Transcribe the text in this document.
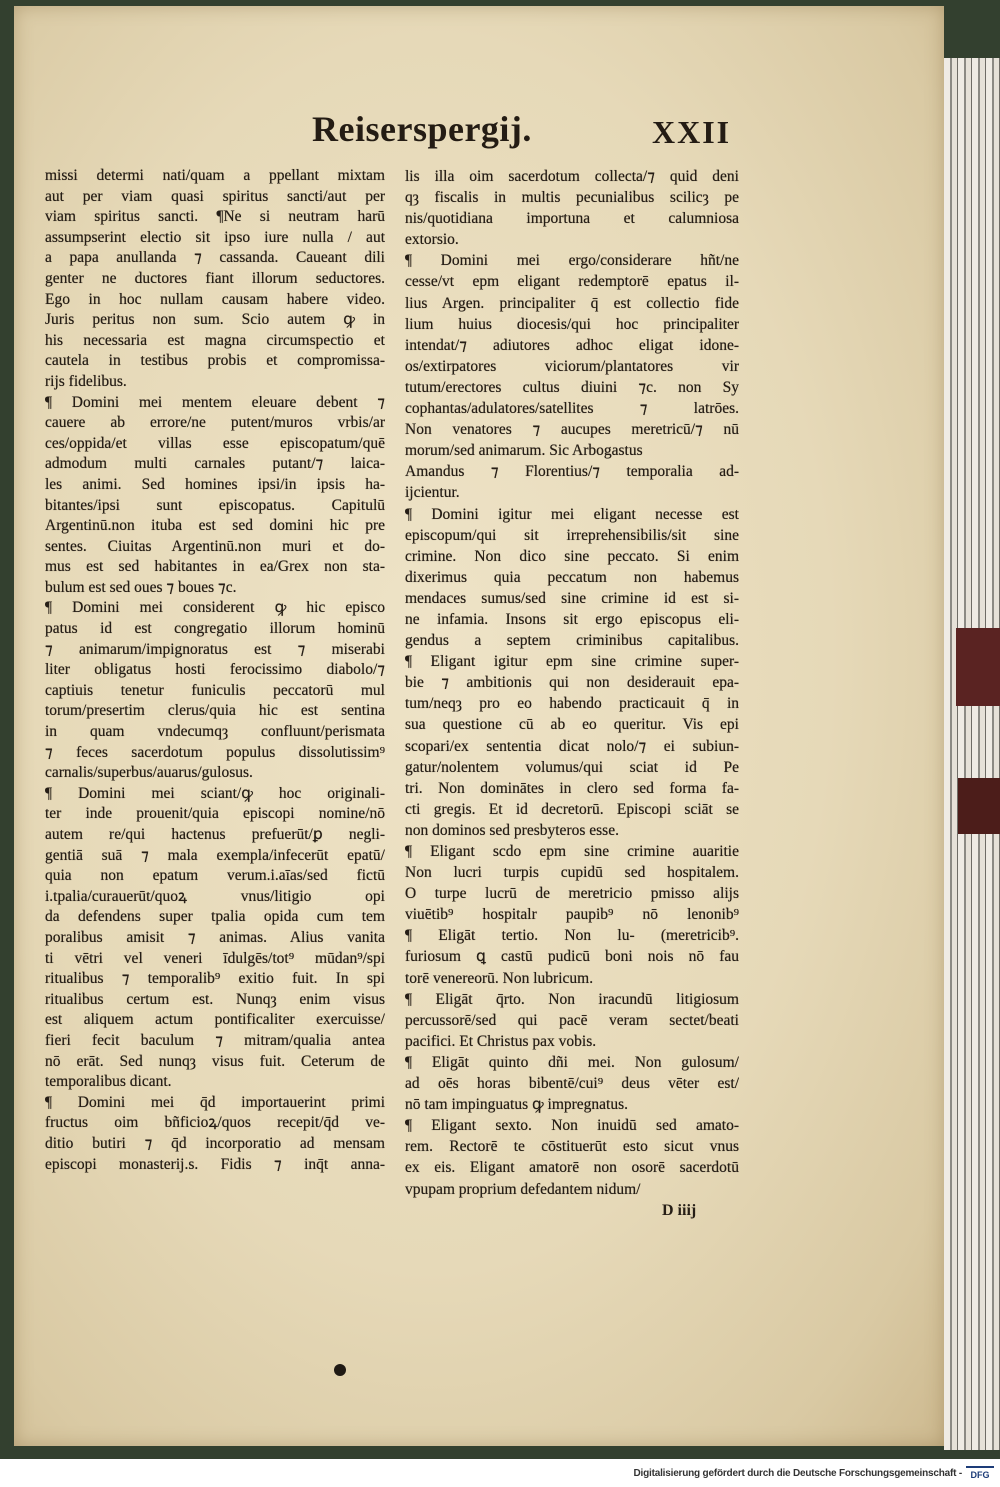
Reiserspergij.	XXII
missi determi nati/quam a ppellant mixtam
aut per viam quasi spiritus sancti/aut per
viam spiritus sancti. ¶Ne si neutram harū
assumpserint electio sit ipso iure nulla / aut
a papa anullanda ⁊ cassanda. Caueant dili
genter ne ductores fiant illorum seductores.
Ego in hoc nullam causam habere video.
Juris peritus non sum. Scio autem ꝙ in
his necessaria est magna circumspectio et
cautela in testibus probis et compromissa-
rijs fidelibus.
¶ Domini mei mentem eleuare debent ⁊
cauere ab errore/ne putent/muros vrbis/ar
ces/oppida/et villas esse episcopatum/quē
admodum multi carnales putant/⁊ laica-
les animi. Sed homines ipsi/in ipsis ha-
bitantes/ipsi sunt episcopatus. Capitulū
Argentinū.non ituba est sed domini hic pre
sentes. Ciuitas Argentinū.non muri et do-
mus est sed habitantes in ea/Grex non sta-
bulum est sed oues ⁊ boues ⁊c.
¶ Domini mei considerent ꝙ hic episco
patus id est congregatio illorum hominū
⁊ animarum/impignoratus est ⁊ miserabi
liter obligatus hosti ferocissimo diabolo/⁊
captiuis tenetur funiculis peccatorū mul
torum/presertim clerus/quia hic est sentina
in quam vndecumqȝ confluunt/perismata
⁊ feces sacerdotum populus dissolutissim⁹
carnalis/superbus/auarus/gulosus.
¶ Domini mei sciant/ꝙ hoc originali-
ter inde prouenit/quia episcopi nomine/nō
autem re/qui hactenus prefuerūt/ꝑ negli-
gentiā suā ⁊ mala exempla/infecerūt epatū/
quia non epatum verum.i.aīas/sed fictū
i.tpalia/curauerūt/quoꝝ vnus/litigio opi
da defendens super tpalia opida cum tem
poralibus amisit ⁊ animas. Alius vanita
ti vētri vel veneri īdulgēs/tot⁹ mūdan⁹/spi
ritualibus ⁊ temporalib⁹ exitio fuit. In spi
ritualibus certum est. Nunqȝ enim visus
est aliquem actum pontificaliter exercuisse/
fieri fecit baculum ⁊ mitram/qualia antea
nō erāt. Sed nunqȝ visus fuit. Ceterum de
temporalibus dicant.
¶ Domini mei q̄d importauerint primi
fructus oim bñficioꝝ/quos recepit/q̄d ve-
ditio butiri ⁊ q̄d incorporatio ad mensam
episcopi monasterij.s. Fidis ⁊ inq̄t anna-
lis illa oim sacerdotum collecta/⁊ quid deni
qȝ fiscalis in multis pecunialibus scilicȝ pe
nis/quotidiana importuna et calumniosa
extorsio.
¶ Domini mei ergo/considerare hñt/ne
cesse/vt epm eligant redemptorē epatus il-
lius Argen. principaliter q̄ est collectio fide
lium huius diocesis/qui hoc principaliter
intendat/⁊ adiutores adhoc eligat idone-
os/extirpatores viciorum/plantatores vir
tutum/erectores cultus diuini ⁊c. non Sy
cophantas/adulatores/satellites ⁊ latrōes.
Non venatores ⁊ aucupes meretricū/⁊ nū
morum/sed animarum. Sic Arbogastus
Amandus ⁊ Florentius/⁊ temporalia ad-
ijcientur.
¶ Domini igitur mei eligant necesse est
episcopum/qui sit irreprehensibilis/sit sine
crimine. Non dico sine peccato. Si enim
dixerimus quia peccatum non habemus
mendaces sumus/sed sine crimine id est si-
ne infamia. Insons sit ergo episcopus eli-
gendus a septem criminibus capitalibus.
¶ Eligant igitur epm sine crimine super-
bie ⁊ ambitionis qui non desiderauit epa-
tum/neqȝ pro eo habendo practicauit q̄ in
sua questione cū ab eo queritur. Vis epi
scopari/ex sententia dicat nolo/⁊ ei subiun-
gatur/nolentem volumus/qui sciat id Pe
tri. Non dominātes in clero sed forma fa-
cti gregis. Et id decretorū. Episcopi sciāt se
non dominos sed presbyteros esse.
¶ Eligant scdo epm sine crimine auaritie
Non lucri turpis cupidū sed hospitalem.
O turpe lucrū de meretricio pmisso alijs
viuētib⁹ hospitalr paupib⁹ nō lenonib⁹
¶ Eligāt tertio. Non lu- (meretricib⁹.
furiosum ꝗ castū pudicū boni nois nō fau
torē venereorū. Non lubricum.
¶ Eligāt q̄rto. Non iracundū litigiosum
percussorē/sed qui pacē veram sectet/beati
pacifici. Et Christus pax vobis.
¶ Eligāt quinto dñi mei. Non gulosum/
ad oēs horas bibentē/cui⁹ deus vēter est/
nō tam impinguatus ꝙ impregnatus.
¶ Eligant sexto. Non inuidū sed amato-
rem. Rectorē te cōstituerūt esto sicut vnus
ex eis. Eligant amatorē non osorē sacerdotū
vpupam proprium defedantem nidum/
D iiij
Digitalisierung gefördert durch die Deutsche Forschungsgemeinschaft - DFG
